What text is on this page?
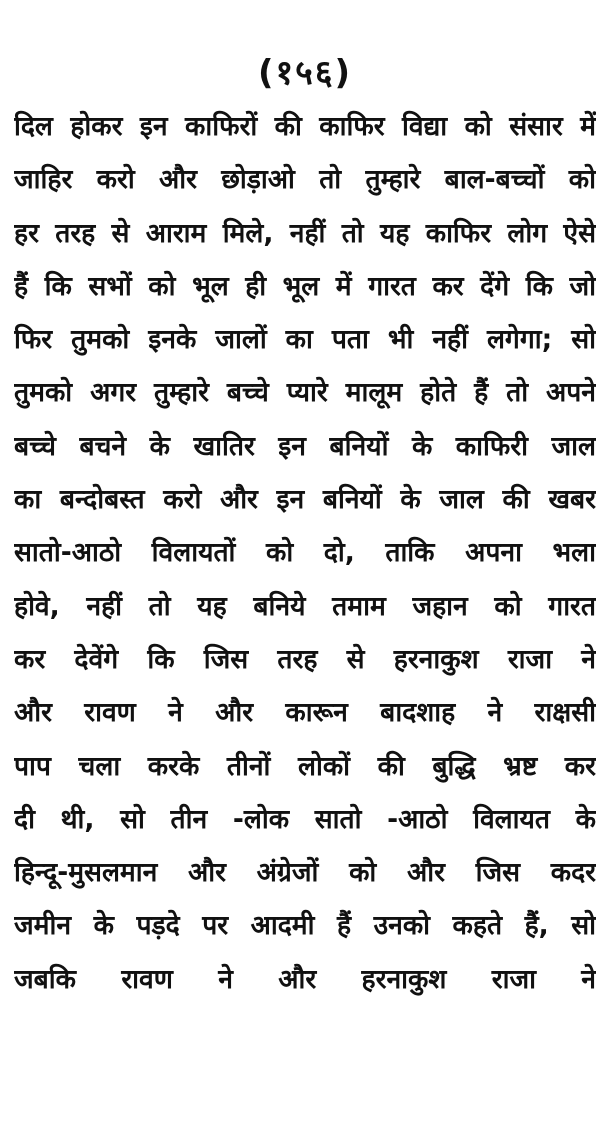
(१५६)
दिल होकर इन काफिरों की काफिर विद्या को संसार में
जाहिर करो और छोड़ाओ तो तुम्हारे बाल-बच्चों को
हर तरह से आराम मिले, नहीं तो यह काफिर लोग ऐसे
हैं कि सभों को भूल ही भूल में गारत कर देंगे कि जो
फिर तुमको इनके जालों का पता भी नहीं लगेगा; सो
तुमको अगर तुम्हारे बच्चे प्यारे मालूम होते हैं तो अपने
बच्चे बचने के खातिर इन बनियों के काफिरी जाल
का बन्दोबस्त करो और इन बनियों के जाल की खबर
सातो-आठो विलायतों को दो, ताकि अपना भला
होवे, नहीं तो यह बनिये तमाम जहान को गारत
कर देवेंगे कि जिस तरह से हरनाकुश राजा ने
और रावण ने और कारून बादशाह ने राक्षसी
पाप चला करके तीनों लोकों की बुद्धि भ्रष्ट कर
दी थी, सो तीन -लोक सातो -आठो विलायत के
हिन्दू-मुसलमान और अंग्रेजों को और जिस कदर
जमीन के पड़दे पर आदमी हैं उनको कहते हैं, सो
जबकि रावण ने और हरनाकुश राजा ने
